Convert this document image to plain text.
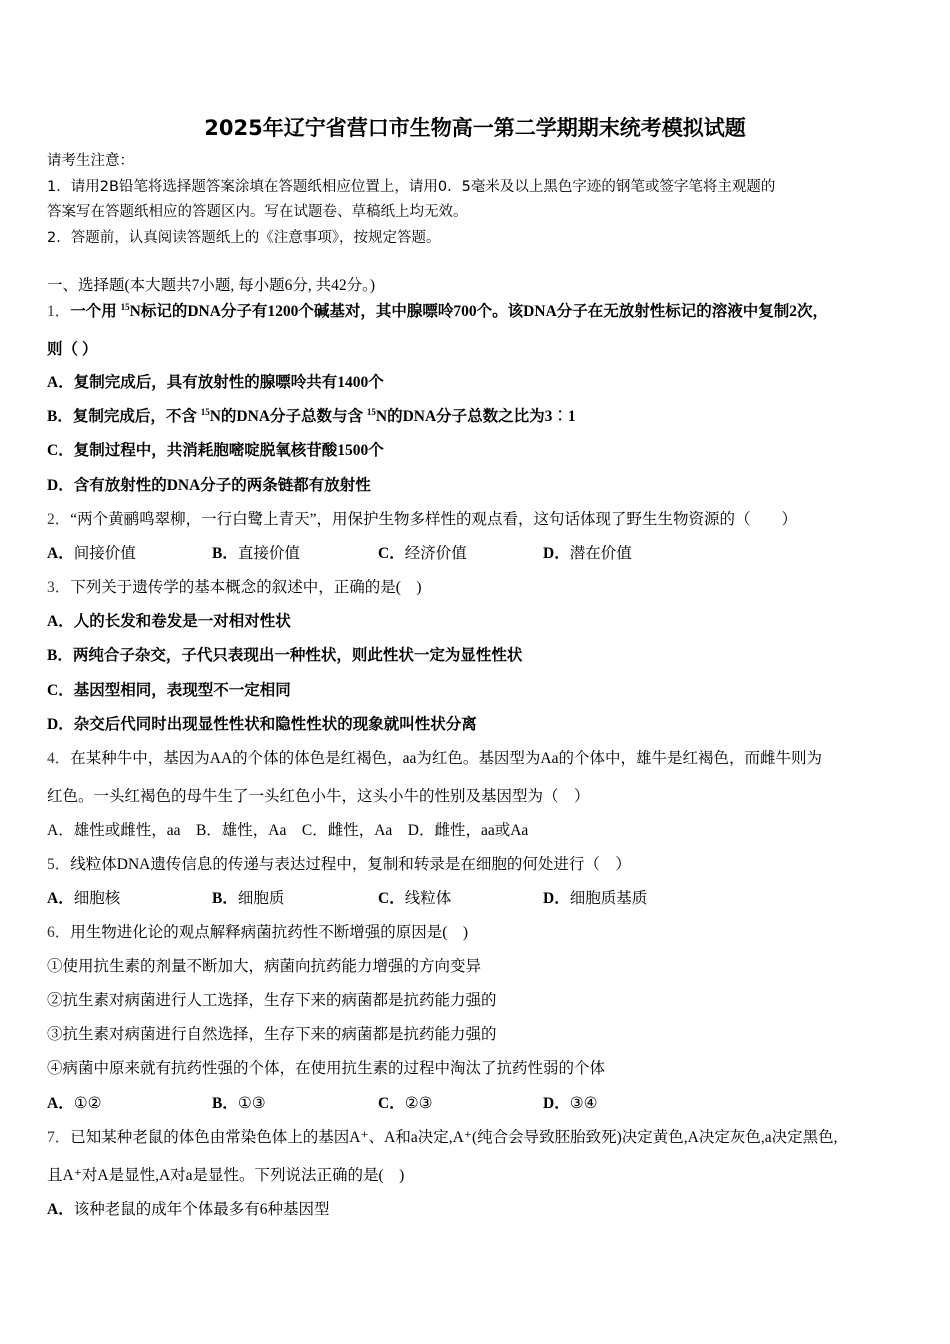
2025年辽宁省营口市生物高一第二学期期末统考模拟试题
请考生注意：
1．请用2B铅笔将选择题答案涂填在答题纸相应位置上，请用0．5毫米及以上黑色字迹的钢笔或签字笔将主观题的
答案写在答题纸相应的答题区内。写在试题卷、草稿纸上均无效。
2．答题前，认真阅读答题纸上的《注意事项》，按规定答题。
一、选择题(本大题共7小题, 每小题6分, 共42分。)
1．一个用 $^{15}$N标记的DNA分子有1200个碱基对，其中腺嘌呤700个。该DNA分子在无放射性标记的溶液中复制2次，
则（ ）
A．复制完成后，具有放射性的腺嘌呤共有1400个
B．复制完成后，不含 $^{15}$N的DNA分子总数与含 $^{15}$N的DNA分子总数之比为3︰1
C．复制过程中，共消耗胞嘧啶脱氧核苷酸1500个
D．含有放射性的DNA分子的两条链都有放射性
2．“两个黄鹂鸣翠柳，一行白鹭上青天”，用保护生物多样性的观点看，这句话体现了野生生物资源的（　　）
A．间接价值	B．直接价值	C．经济价值	D．潜在价值
3．下列关于遗传学的基本概念的叙述中，正确的是(　)
A．人的长发和卷发是一对相对性状
B．两纯合子杂交，子代只表现出一种性状，则此性状一定为显性性状
C．基因型相同，表现型不一定相同
D．杂交后代同时出现显性性状和隐性性状的现象就叫性状分离
4．在某种牛中，基因为AA的个体的体色是红褐色，aa为红色。基因型为Aa的个体中，雄牛是红褐色，而雌牛则为
红色。一头红褐色的母牛生了一头红色小牛，这头小牛的性别及基因型为（　）
A．雄性或雌性，aa　B．雄性，Aa　C．雌性，Aa　D．雌性，aa或Aa
5．线粒体DNA遗传信息的传递与表达过程中，复制和转录是在细胞的何处进行（　）
A．细胞核	B．细胞质	C．线粒体	D．细胞质基质
6．用生物进化论的观点解释病菌抗药性不断增强的原因是(　)
①使用抗生素的剂量不断加大，病菌向抗药能力增强的方向变异
②抗生素对病菌进行人工选择，生存下来的病菌都是抗药能力强的
③抗生素对病菌进行自然选择，生存下来的病菌都是抗药能力强的
④病菌中原来就有抗药性强的个体，在使用抗生素的过程中淘汰了抗药性弱的个体
A．①②	B．①③	C．②③	D．③④
7．已知某种老鼠的体色由常染色体上的基因A⁺、A和a决定,A⁺(纯合会导致胚胎致死)决定黄色,A决定灰色,a决定黑色,
且A⁺对A是显性,A对a是显性。下列说法正确的是(　)
A．该种老鼠的成年个体最多有6种基因型
